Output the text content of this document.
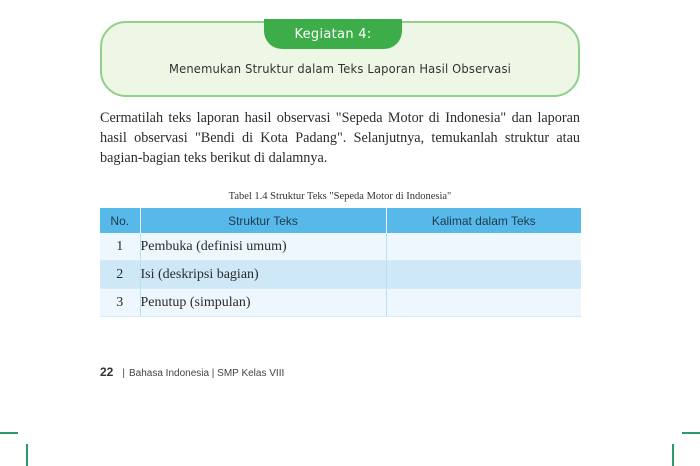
Kegiatan 4:
Menemukan Struktur dalam Teks Laporan Hasil Observasi

Cermatilah teks laporan hasil observasi "Sepeda Motor di Indonesia" dan laporan hasil observasi "Bendi di Kota Padang". Selanjutnya, temukanlah struktur atau bagian-bagian teks berikut di dalamnya.

Tabel 1.4 Struktur Teks "Sepeda Motor di Indonesia"
No.	Struktur Teks	Kalimat dalam Teks
1	Pembuka (definisi umum)	
2	Isi (deskripsi bagian)	
3	Penutup (simpulan)	
22 | Bahasa Indonesia | SMP Kelas VIII
